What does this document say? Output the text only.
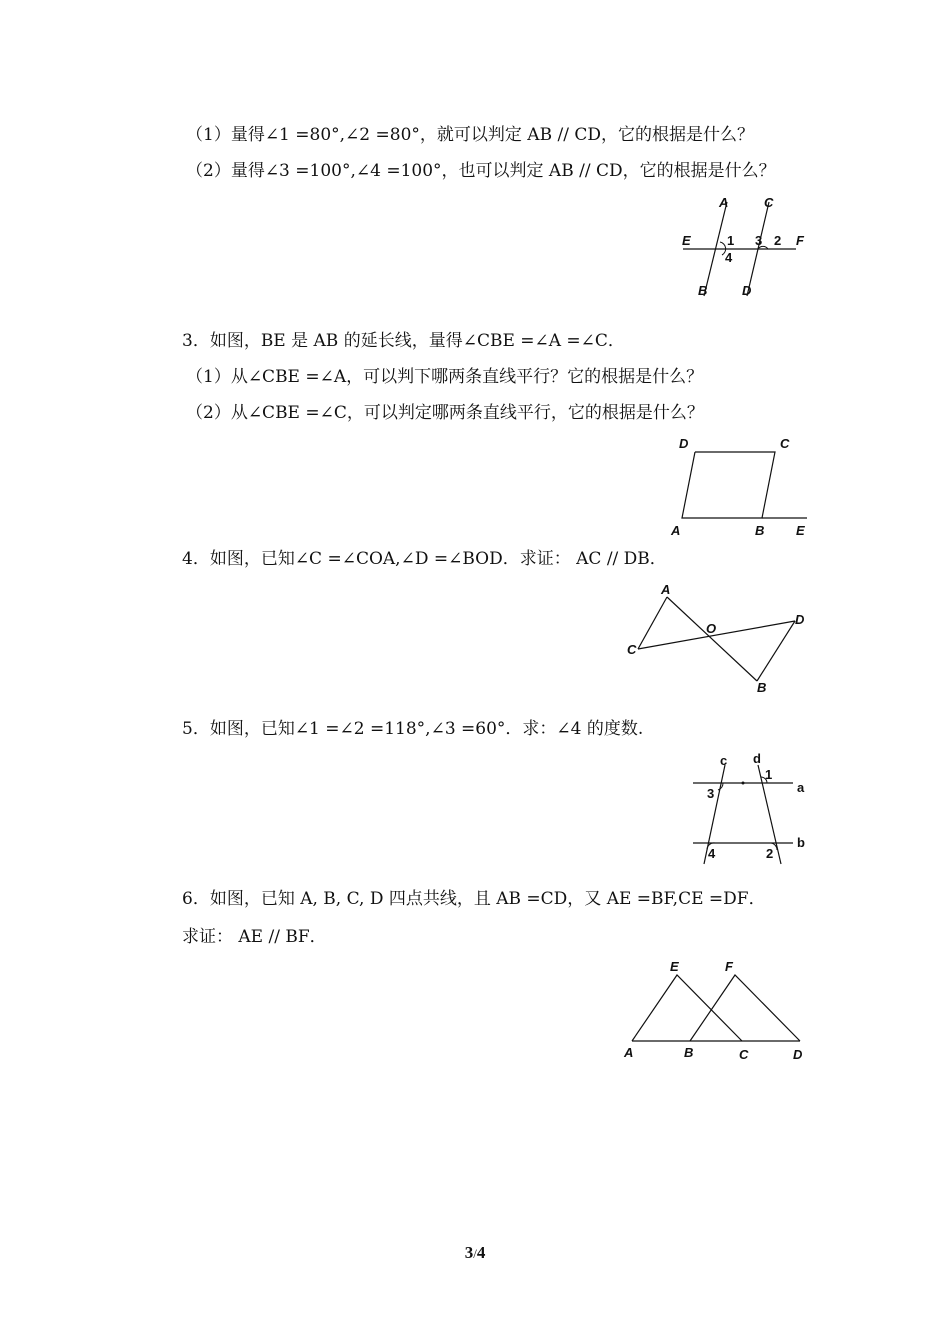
（1）量得∠1 =80°,∠2 =80°，就可以判定 AB // CD，它的根据是什么？
（2）量得∠3 =100°,∠4 =100°，也可以判定 AB // CD，它的根据是什么？
A	C
E	1 3 2 F
4
B	D
3．如图，BE 是 AB 的延长线，量得∠CBE =∠A =∠C．
（1）从∠CBE =∠A，可以判下哪两条直线平行？它的根据是什么？
（2）从∠CBE =∠C，可以判定哪两条直线平行，它的根据是什么？
D	C
A	B E
4．如图，已知∠C =∠COA,∠D =∠BOD．求证： AC // DB．
A
C
O
D
B
5．如图，已知∠1 =∠2 =118°,∠3 =60°．求：∠4 的度数.
c d
1
a
3
b
4	2
6．如图，已知 A, B, C, D 四点共线，且 AB =CD，又 AE =BF,CE =DF．
求证： AE // BF．
E	F
A	B	C	D
3/4
